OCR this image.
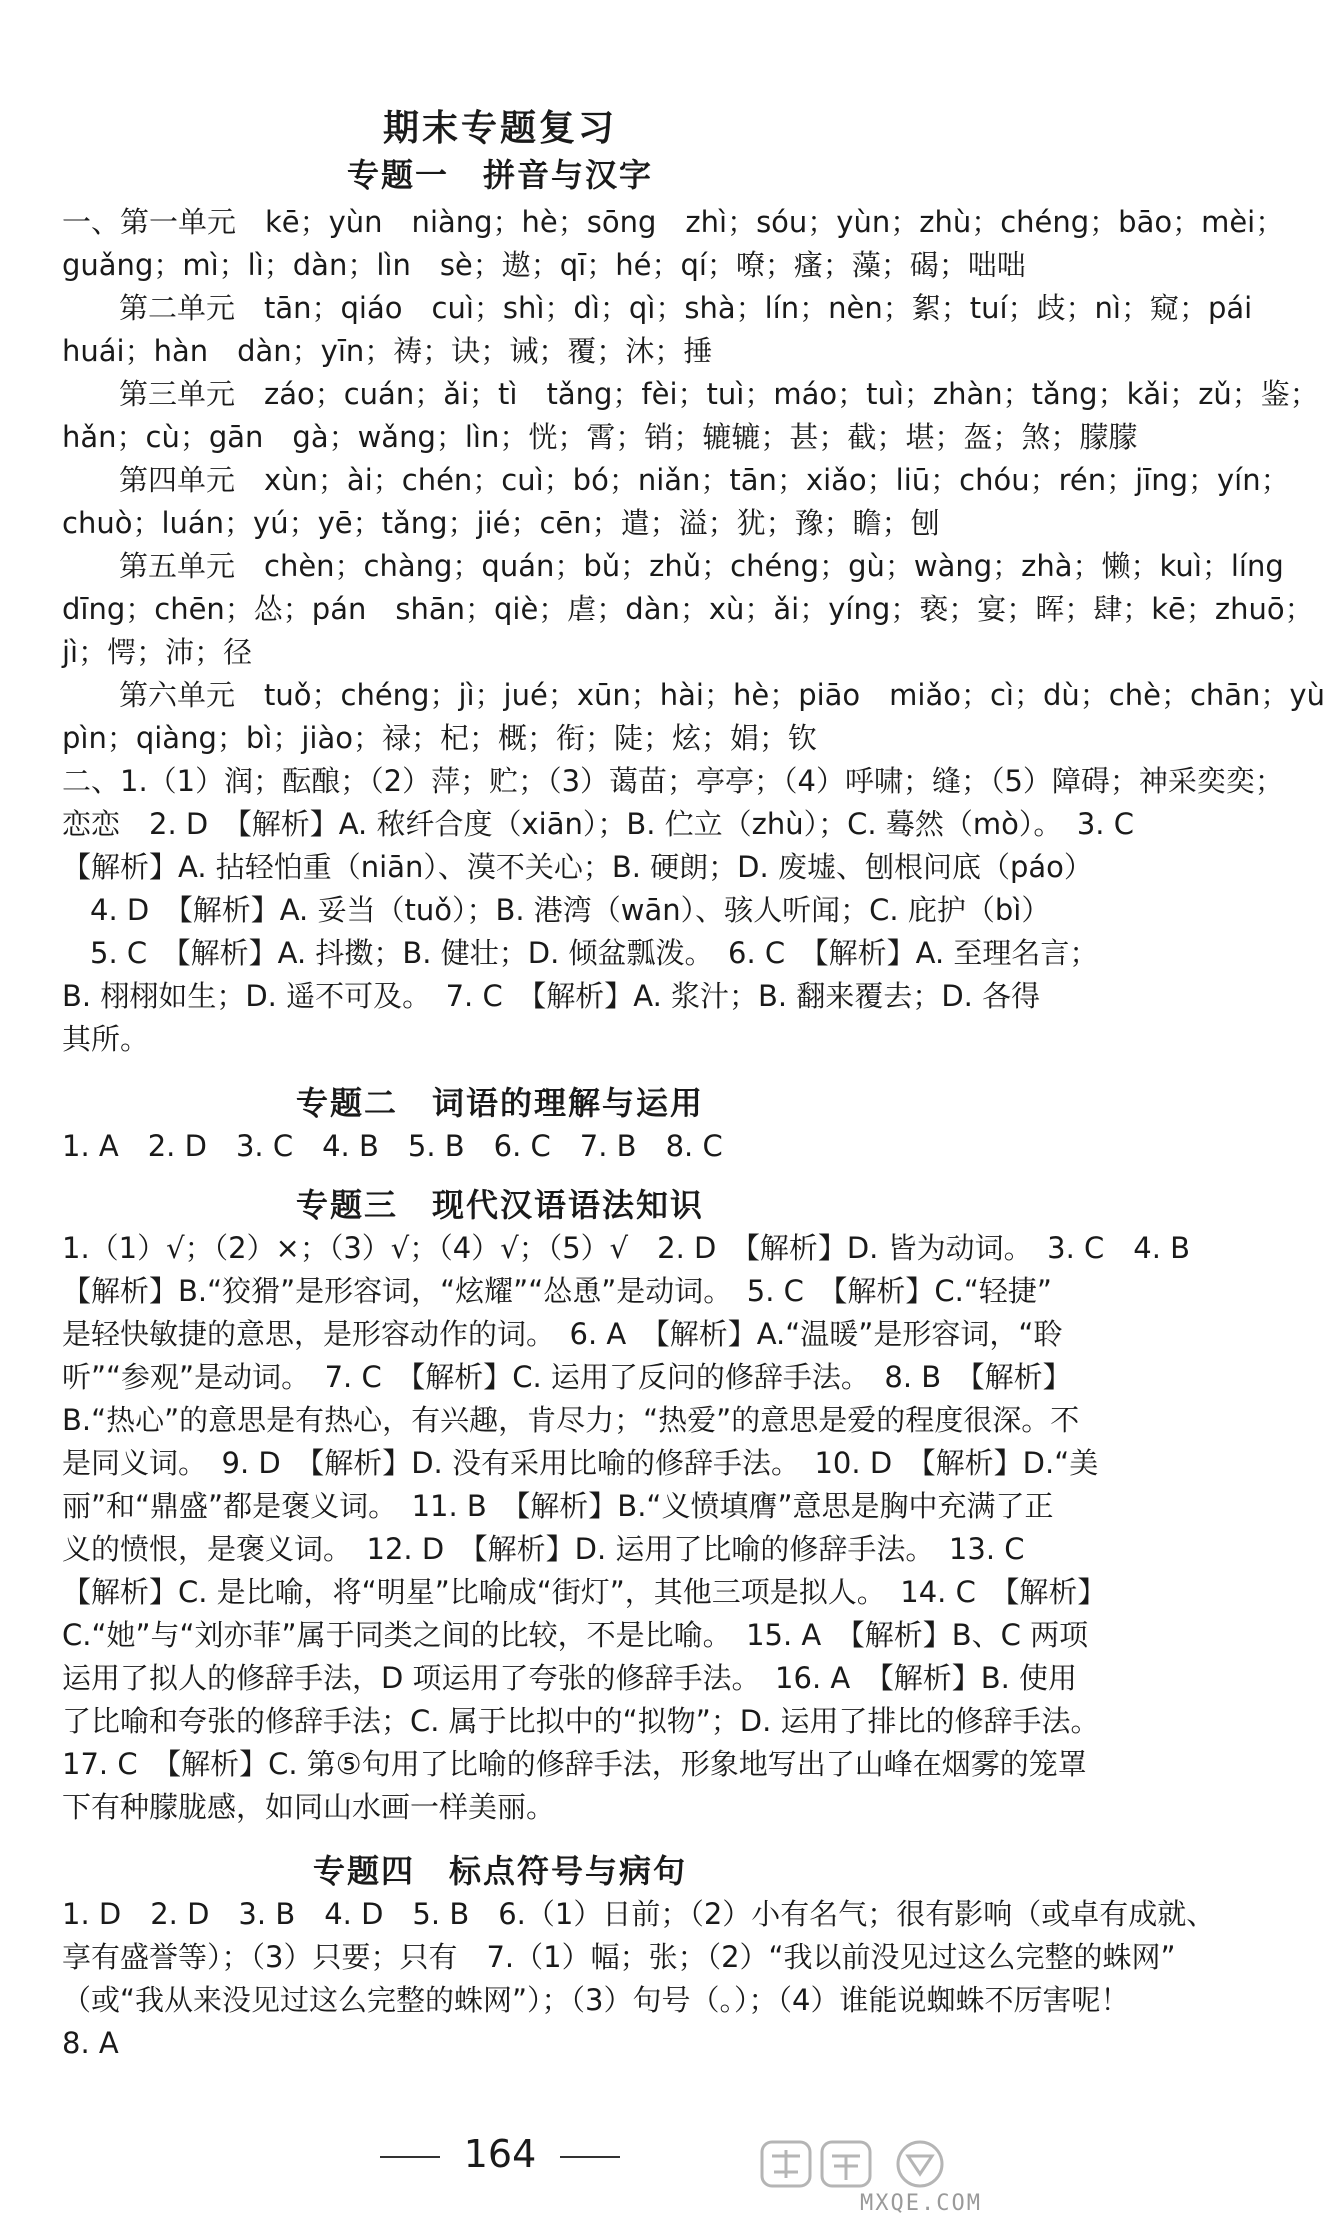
期末专题复习
专题一　拼音与汉字
一、第一单元　kē；yùn　niàng；hè；sōng　zhì；sóu；yùn；zhù；chéng；bāo；mèi；
guǎng；mì；lì；dàn；lìn　sè；遨；qī；hé；qí；嘹；瘙；藻；碣；咄咄
　第二单元　tān；qiáo　cuì；shì；dì；qì；shà；lín；nèn；絮；tuí；歧；nì；窥；pái
huái；hàn　dàn；yīn；祷；诀；诫；覆；沐；捶
　第三单元　záo；cuán；ǎi；tì　tǎng；fèi；tuì；máo；tuì；zhàn；tǎng；kǎi；zǔ；鉴；
hǎn；cù；gān　gà；wǎng；lìn；恍；霄；销；辘辘；甚；截；堪；盔；煞；朦朦
　第四单元　xùn；ài；chén；cuì；bó；niǎn；tān；xiǎo；liū；chóu；rén；jīng；yín；
chuò；luán；yú；yē；tǎng；jié；cēn；遣；溢；犹；豫；瞻；刨
　第五单元　chèn；chàng；quán；bǔ；zhǔ；chéng；gù；wàng；zhà；懒；kuì；líng
dīng；chēn；怂；pán　shān；qiè；虐；dàn；xù；ǎi；yíng；亵；宴；晖；肆；kē；zhuō；
jì；愕；沛；径
　第六单元　tuǒ；chéng；jì；jué；xūn；hài；hè；piāo　miǎo；cì；dù；chè；chān；yù
pìn；qiàng；bì；jiào；禄；杞；概；衔；陡；炫；娟；钦
二、1.（1）润；酝酿；（2）萍；贮；（3）蔼苗；亭亭；（4）呼啸；缝；（5）障碍；神采奕奕；
恋恋　2. D　【解析】A. 秾纤合度（xiān）；B. 伫立（zhù）；C. 蓦然（mò）。　3. C
【解析】A. 拈轻怕重（niān）、漠不关心；B. 硬朗；D. 废墟、刨根问底（páo）
4. D　【解析】A. 妥当（tuǒ）；B. 港湾（wān）、骇人听闻；C. 庇护（bì）
5. C　【解析】A. 抖擞；B. 健壮；D. 倾盆瓢泼。　6. C　【解析】A. 至理名言；
B. 栩栩如生；D. 遥不可及。　7. C　【解析】A. 浆汁；B. 翻来覆去；D. 各得
其所。
专题二　词语的理解与运用
1. A　2. D　3. C　4. B　5. B　6. C　7. B　8. C
专题三　现代汉语语法知识
1.（1）√；（2）×；（3）√；（4）√；（5）√　2. D　【解析】D. 皆为动词。　3. C　4. B
【解析】B.“狡猾”是形容词，“炫耀”“怂恿”是动词。　5. C　【解析】C.“轻捷”
是轻快敏捷的意思，是形容动作的词。　6. A　【解析】A.“温暖”是形容词，“聆
听”“参观”是动词。　7. C　【解析】C. 运用了反问的修辞手法。　8. B　【解析】
B.“热心”的意思是有热心，有兴趣，肯尽力；“热爱”的意思是爱的程度很深。不
是同义词。　9. D　【解析】D. 没有采用比喻的修辞手法。　10. D　【解析】D.“美
丽”和“鼎盛”都是褒义词。　11. B　【解析】B.“义愤填膺”意思是胸中充满了正
义的愤恨，是褒义词。　12. D　【解析】D. 运用了比喻的修辞手法。　13. C
【解析】C. 是比喻，将“明星”比喻成“街灯”，其他三项是拟人。　14. C　【解析】
C.“她”与“刘亦菲”属于同类之间的比较，不是比喻。　15. A　【解析】B、C 两项
运用了拟人的修辞手法，D 项运用了夸张的修辞手法。　16. A　【解析】B. 使用
了比喻和夸张的修辞手法；C. 属于比拟中的“拟物”；D. 运用了排比的修辞手法。
17. C　【解析】C. 第⑤句用了比喻的修辞手法，形象地写出了山峰在烟雾的笼罩
下有种朦胧感，如同山水画一样美丽。
专题四　标点符号与病句
1. D　2. D　3. B　4. D　5. B　6.（1）日前；（2）小有名气；很有影响（或卓有成就、
享有盛誉等）；（3）只要；只有　7.（1）幅；张；（2）“我以前没见过这么完整的蛛网”
（或“我从来没见过这么完整的蛛网”）；（3）句号（。）；（4）谁能说蜘蛛不厉害呢！
8. A
164
MXQE.COM
